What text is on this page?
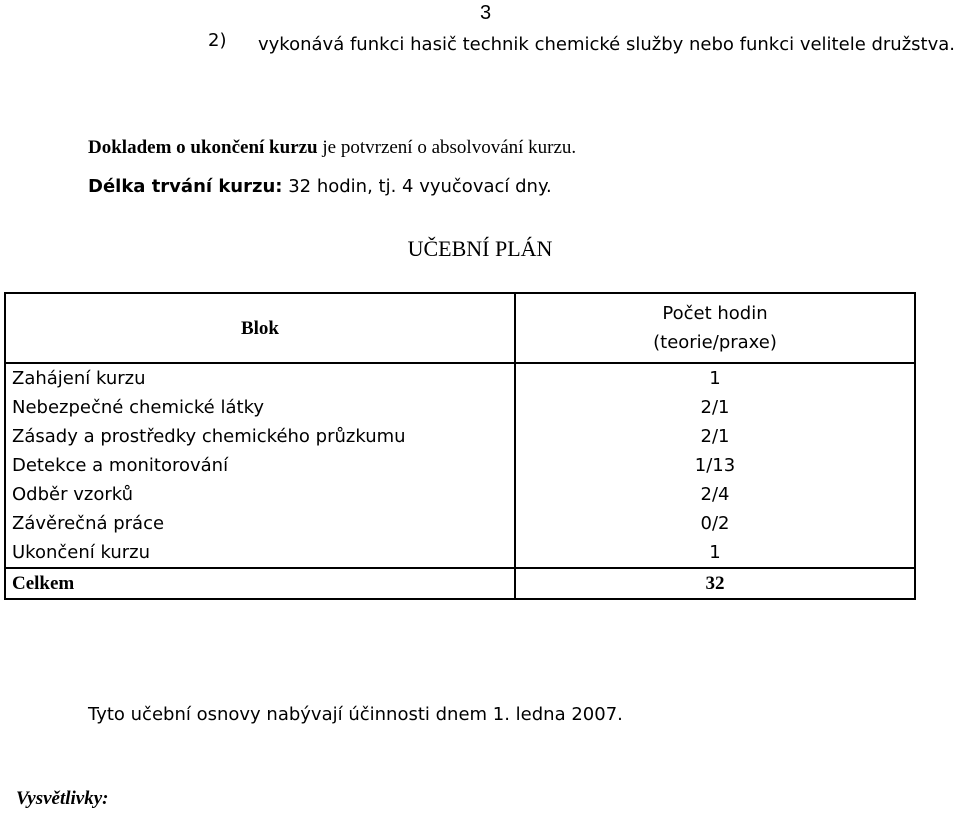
3
2) vykonává funkci hasič technik chemické služby nebo funkci velitele družstva.
Dokladem o ukončení kurzu je potvrzení o absolvování kurzu.
Délka trvání kurzu: 32 hodin, tj. 4 vyučovací dny.
UČEBNÍ PLÁN
Blok	Počet hodin
(teorie/praxe)

Zahájení kurzu	1
Nebezpečné chemické látky	2/1
Zásady a prostředky chemického průzkumu	2/1
Detekce a monitorování	1/13
Odběr vzorků	2/4
Závěrečná práce	0/2
Ukončení kurzu	1
Celkem	32
Tyto učební osnovy nabývají účinnosti dnem 1. ledna 2007.
Vysvětlivky:
